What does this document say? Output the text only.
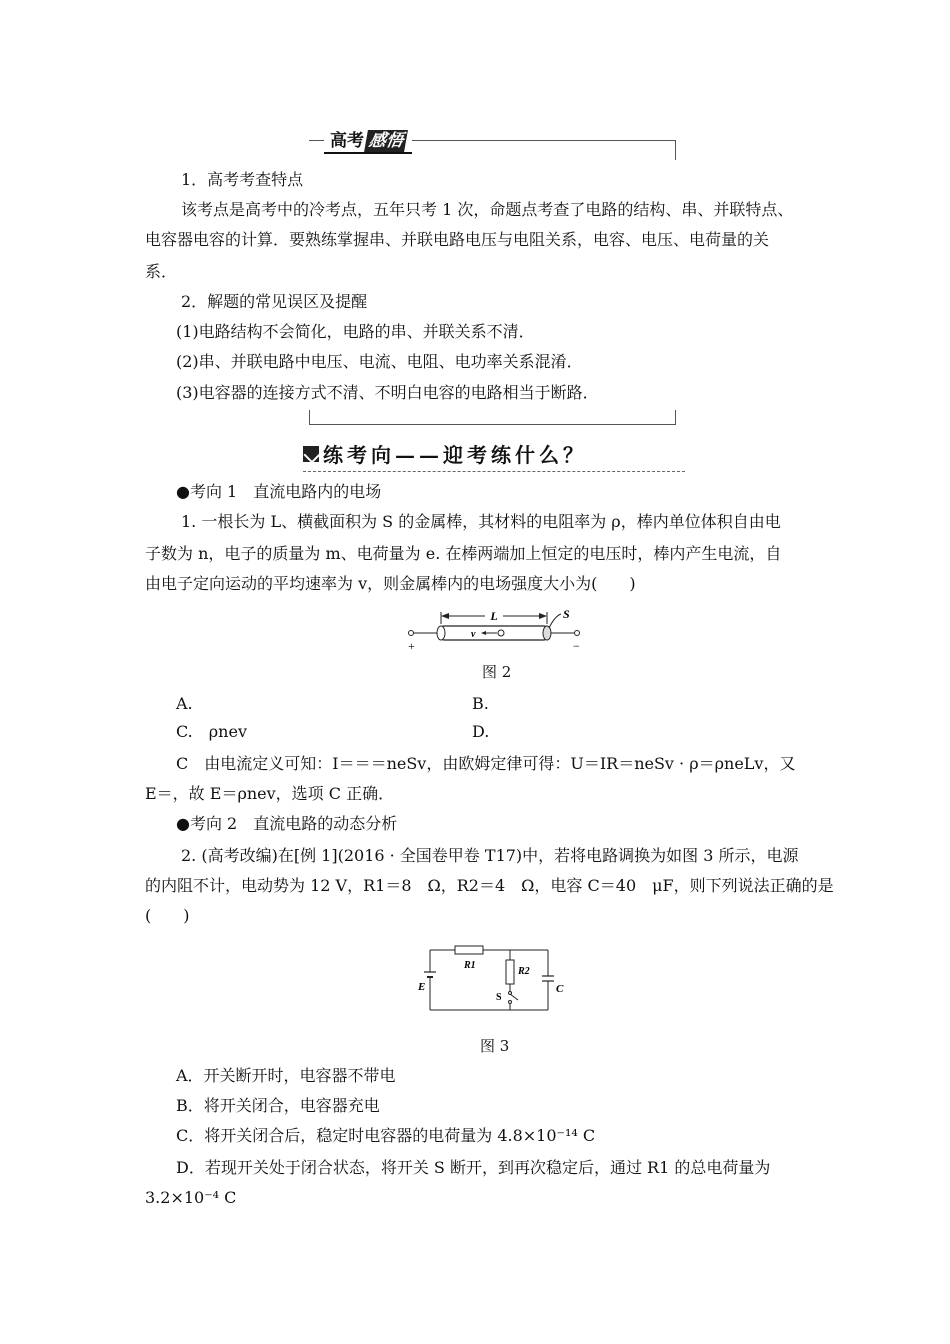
高考 感悟
1．高考考查特点
该考点是高考中的冷考点，五年只考 1 次，命题点考查了电路的结构、串、并联特点、
电容器电容的计算．要熟练掌握串、并联电路电压与电阻关系，电容、电压、电荷量的关
系．
2．解题的常见误区及提醒
(1)电路结构不会简化，电路的串、并联关系不清．
(2)串、并联电路中电压、电流、电阻、电功率关系混淆．
(3)电容器的连接方式不清、不明白电容的电路相当于断路．
练考向——迎考练什么？
●考向 1　直流电路内的电场
1. 一根长为 L、横截面积为 S 的金属棒，其材料的电阻率为 ρ，棒内单位体积自由电
子数为 n，电子的质量为 m、电荷量为 e. 在棒两端加上恒定的电压时，棒内产生电流，自
由电子定向运动的平均速率为 v，则金属棒内的电场强度大小为(　　)
L
v
S
+	−
图 2
A.	B.
C.　ρnev	D.
C　由电流定义可知：I＝＝＝neSv，由欧姆定律可得：U＝IR＝neSv · ρ＝ρneLv，又
E＝，故 E＝ρnev，选项 C 正确．
●考向 2　直流电路的动态分析
2. (高考改编)在[例 1](2016 · 全国卷甲卷 T17)中，若将电路调换为如图 3 所示，电源
的内阻不计，电动势为 12 V，R1＝8　Ω，R2＝4　Ω，电容 C＝40　μF，则下列说法正确的是
(　　)
R1
E
R2
S
C
图 3
A．开关断开时，电容器不带电
B．将开关闭合，电容器充电
C．将开关闭合后，稳定时电容器的电荷量为 4.8×10⁻¹⁴ C
D．若现开关处于闭合状态，将开关 S 断开，到再次稳定后，通过 R1 的总电荷量为
3.2×10⁻⁴ C
